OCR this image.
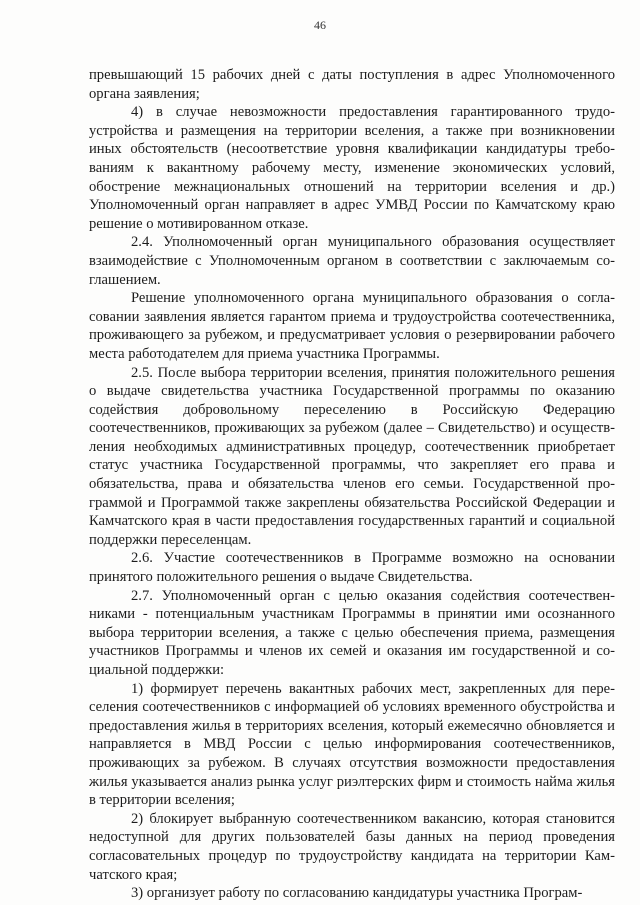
46

превышающий 15 рабочих дней с даты поступления в адрес Уполномоченного органа заявления;

4) в случае невозможности предоставления гарантированного трудоустройства и размещения на территории вселения, а также при возникновении иных обстоятельств (несоответствие уровня квалификации кандидатуры требованиям к вакантному рабочему месту, изменение экономических условий, обострение межнациональных отношений на территории вселения и др.) Уполномоченный орган направляет в адрес УМВД России по Камчатскому краю решение о мотивированном отказе.

2.4. Уполномоченный орган муниципального образования осуществляет взаимодействие с Уполномоченным органом в соответствии с заключаемым соглашением.

Решение уполномоченного органа муниципального образования о согласовании заявления является гарантом приема и трудоустройства соотечественника, проживающего за рубежом, и предусматривает условия о резервировании рабочего места работодателем для приема участника Программы.

2.5. После выбора территории вселения, принятия положительного решения о выдаче свидетельства участника Государственной программы по оказанию содействия добровольному переселению в Российскую Федерацию соотечественников, проживающих за рубежом (далее – Свидетельство) и осуществления необходимых административных процедур, соотечественник приобретает статус участника Государственной программы, что закрепляет его права и обязательства, права и обязательства членов его семьи. Государственной программой и Программой также закреплены обязательства Российской Федерации и Камчатского края в части предоставления государственных гарантий и социальной поддержки переселенцам.

2.6. Участие соотечественников в Программе возможно на основании принятого положительного решения о выдаче Свидетельства.

2.7. Уполномоченный орган с целью оказания содействия соотечественниками - потенциальным участникам Программы в принятии ими осознанного выбора территории вселения, а также с целью обеспечения приема, размещения участников Программы и членов их семей и оказания им государственной и социальной поддержки:

1) формирует перечень вакантных рабочих мест, закрепленных для переселения соотечественников с информацией об условиях временного обустройства и предоставления жилья в территориях вселения, который ежемесячно обновляется и направляется в МВД России с целью информирования соотечественников, проживающих за рубежом. В случаях отсутствия возможности предоставления жилья указывается анализ рынка услуг риэлтерских фирм и стоимость найма жилья в территории вселения;

2) блокирует выбранную соотечественником вакансию, которая становится недоступной для других пользователей базы данных на период проведения согласовательных процедур по трудоустройству кандидата на территории Камчатского края;

3) организует работу по согласованию кандидатуры участника Програм-
